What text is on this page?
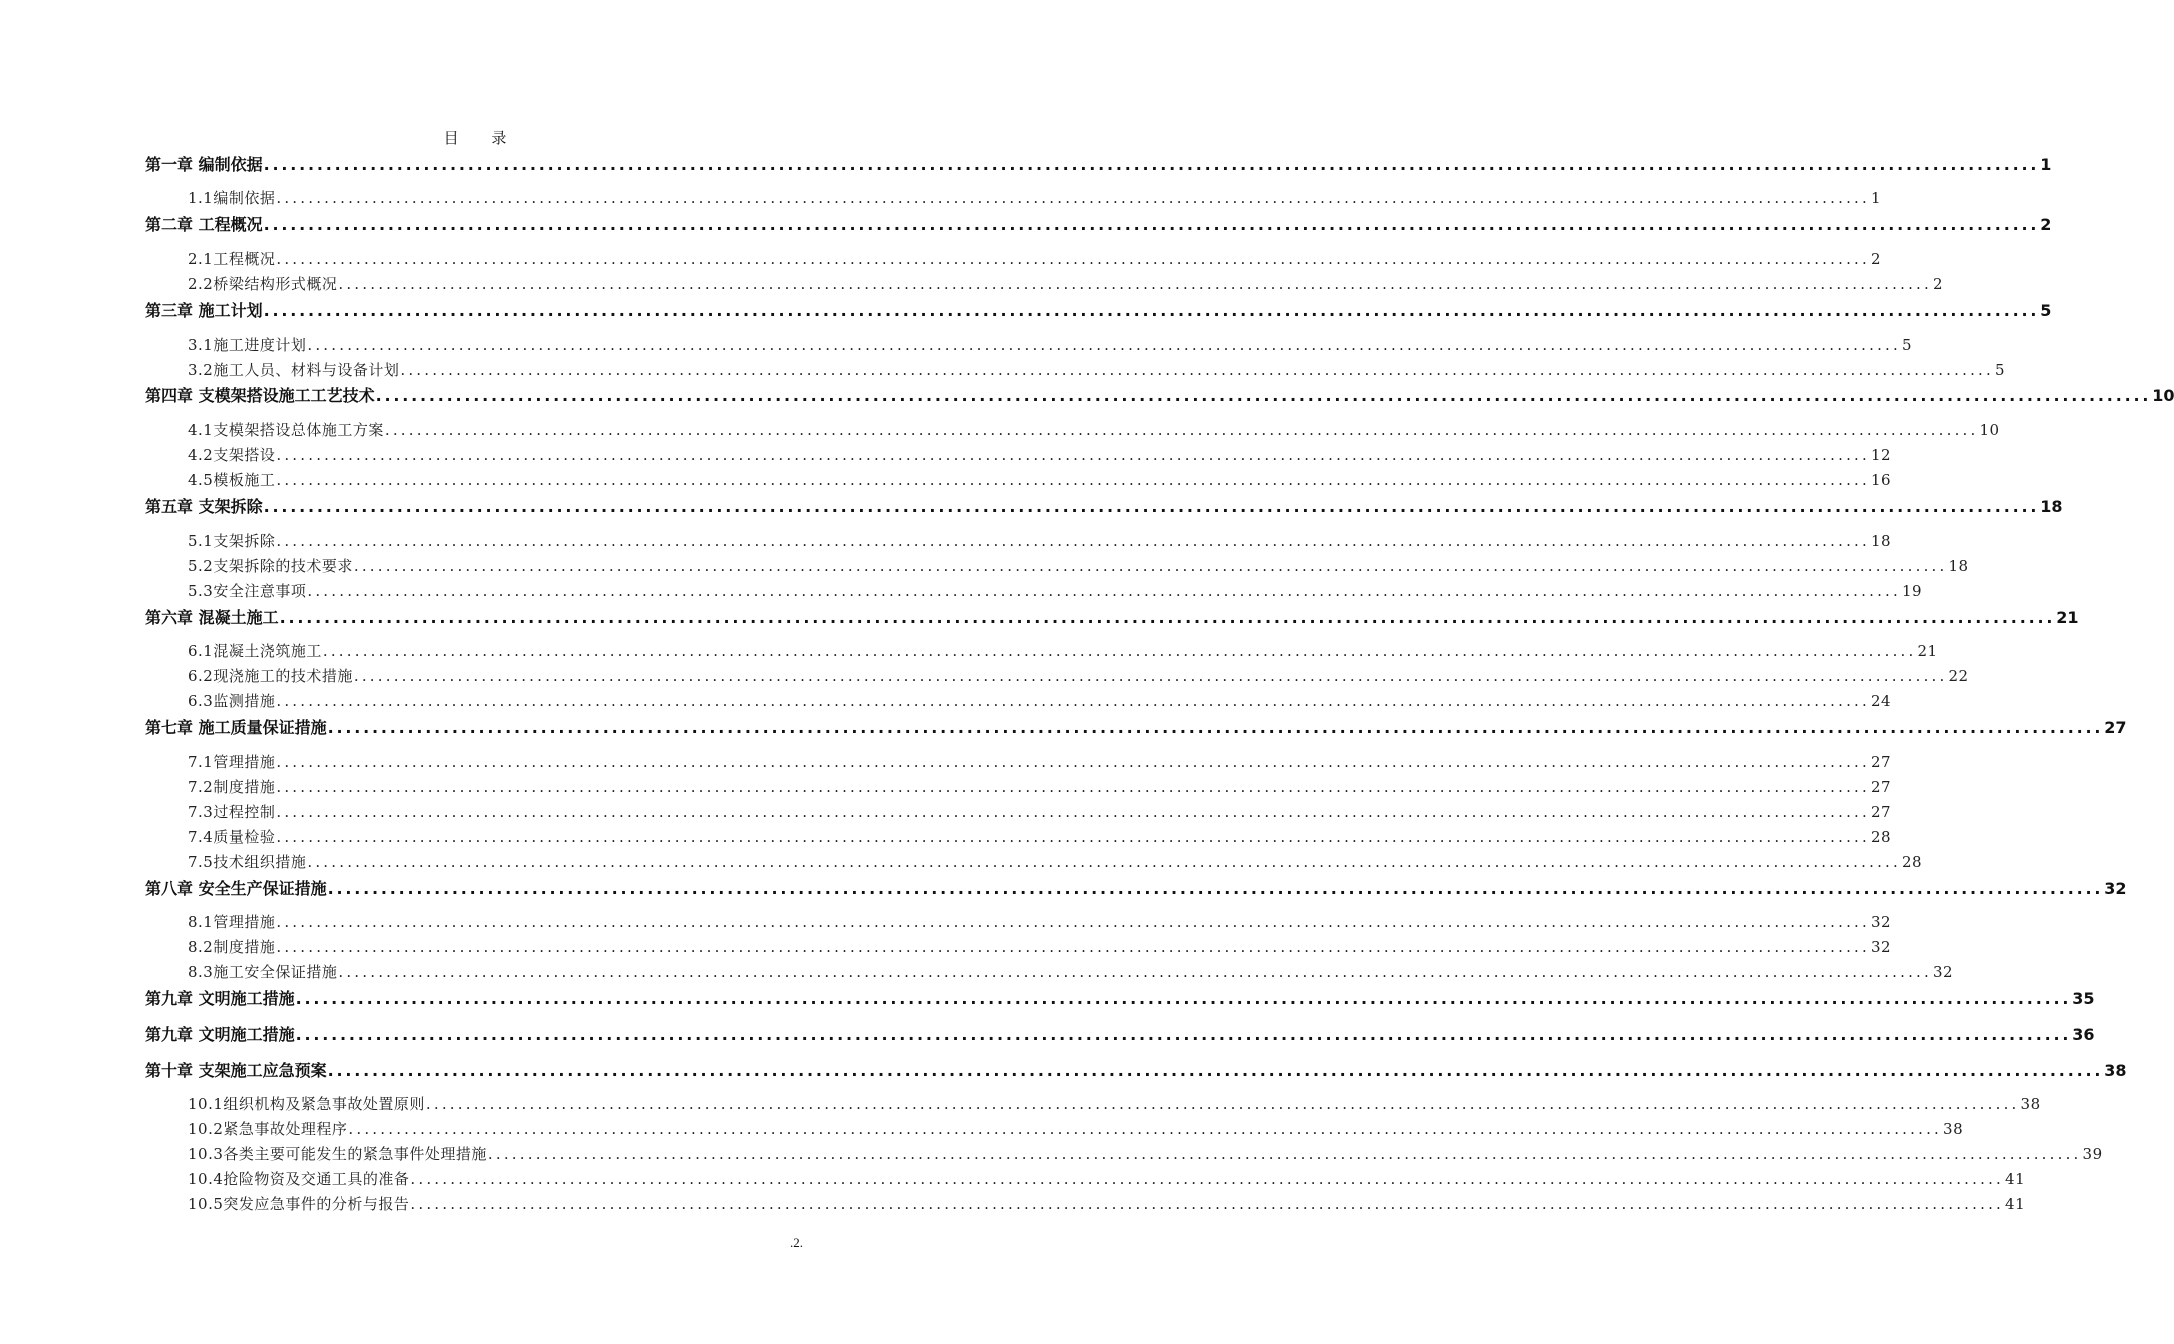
目 录
第一章 编制依据 ........................................................................................................................................................................................................ 1
1.1编制依据 ........................................................................................................................................................................................................ 1
第二章 工程概况 ........................................................................................................................................................................................................ 2
2.1工程概况 ........................................................................................................................................................................................................ 2
2.2桥梁结构形式概况 ........................................................................................................................................................................................................ 2
第三章 施工计划 ........................................................................................................................................................................................................ 5
3.1施工进度计划 ........................................................................................................................................................................................................ 5
3.2施工人员、材料与设备计划 ........................................................................................................................................................................................................ 5
第四章 支模架搭设施工工艺技术 ........................................................................................................................................................................................................ 10
4.1支模架搭设总体施工方案 ........................................................................................................................................................................................................ 10
4.2支架搭设 ........................................................................................................................................................................................................ 12
4.5模板施工 ........................................................................................................................................................................................................ 16
第五章 支架拆除 ........................................................................................................................................................................................................ 18
5.1支架拆除 ........................................................................................................................................................................................................ 18
5.2支架拆除的技术要求 ........................................................................................................................................................................................................ 18
5.3安全注意事项 ........................................................................................................................................................................................................ 19
第六章 混凝土施工 ........................................................................................................................................................................................................ 21
6.1混凝土浇筑施工 ........................................................................................................................................................................................................ 21
6.2现浇施工的技术措施 ........................................................................................................................................................................................................ 22
6.3监测措施 ........................................................................................................................................................................................................ 24
第七章 施工质量保证措施 ........................................................................................................................................................................................................ 27
7.1管理措施 ........................................................................................................................................................................................................ 27
7.2制度措施 ........................................................................................................................................................................................................ 27
7.3过程控制 ........................................................................................................................................................................................................ 27
7.4质量检验 ........................................................................................................................................................................................................ 28
7.5技术组织措施 ........................................................................................................................................................................................................ 28
第八章 安全生产保证措施 ........................................................................................................................................................................................................ 32
8.1管理措施 ........................................................................................................................................................................................................ 32
8.2制度措施 ........................................................................................................................................................................................................ 32
8.3施工安全保证措施 ........................................................................................................................................................................................................ 32
第九章 文明施工措施 ........................................................................................................................................................................................................ 35
第九章 文明施工措施 ........................................................................................................................................................................................................ 36
第十章 支架施工应急预案 ........................................................................................................................................................................................................ 38
10.1组织机构及紧急事故处置原则 ........................................................................................................................................................................................................ 38
10.2紧急事故处理程序 ........................................................................................................................................................................................................ 38
10.3各类主要可能发生的紧急事件处理措施 ........................................................................................................................................................................................................ 39
10.4抢险物资及交通工具的准备 ........................................................................................................................................................................................................ 41
10.5突发应急事件的分析与报告 ........................................................................................................................................................................................................ 41
.2.
